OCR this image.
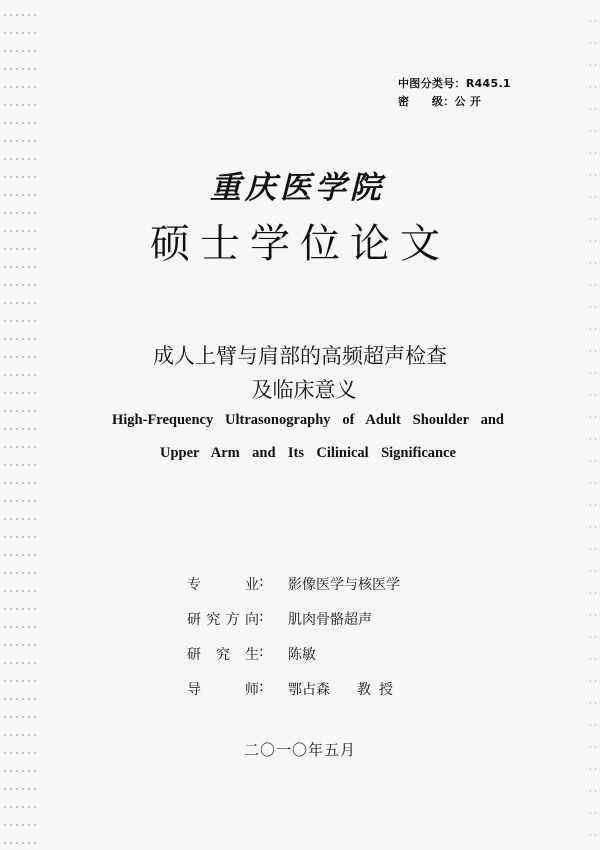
中图分类号：R445.1
密　　级：公 开
重庆医学院
硕士学位论文
成人上臂与肩部的高频超声检查
及临床意义
High-Frequency Ultrasonography of Adult Shoulder and
Upper Arm and Its Cilinical Significance
专	业 : 影像医学与核医学
研 究 方 向 : 肌肉骨骼超声
研 究 生 : 陈敏
导	师 : 鄂占森 教授
二〇一〇年五月
